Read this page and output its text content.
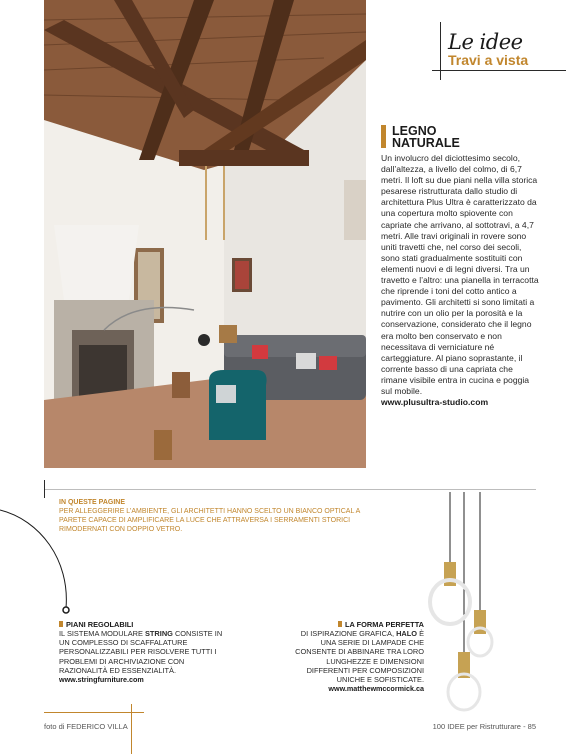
Le idee
Travi a vista
LEGNO
NATURALE

Un involucro del diciottesimo secolo, dall’altezza, a livello del colmo, di 6,7 metri. Il loft su due piani nella villa storica pesarese ristrutturata dallo studio di architettura Plus Ultra è caratterizzato da una copertura molto spiovente con capriate che arrivano, al sottotravi, a 4,7 metri. Alle travi originali in rovere sono uniti travetti che, nel corso dei secoli, sono stati gradualmente sostituiti con elementi nuovi e di legni diversi. Tra un travetto e l’altro: una pianella in terracotta che riprende i toni del cotto antico a pavimento. Gli architetti si sono limitati a nutrire con un olio per la porosità e la conservazione, considerato che il legno era molto ben conservato e non necessitava di verniciature né carteggiature. Al piano soprastante, il corrente basso di una capriata che rimane visibile entra in cucina e poggia sul mobile.

www.plusultra-studio.com
IN QUESTE PAGINE
PER ALLEGGERIRE L’AMBIENTE, GLI ARCHITETTI HANNO SCELTO UN BIANCO OPTICAL A PARETE CAPACE DI AMPLIFICARE LA LUCE CHE ATTRAVERSA I SERRAMENTI STORICI RIMODERNATI CON DOPPIO VETRO.
PIANI REGOLABILI
IL SISTEMA MODULARE STRING CONSISTE IN UN COMPLESSO DI SCAFFALATURE PERSONALIZZABILI PER RISOLVERE TUTTI I PROBLEMI DI ARCHIVIAZIONE CON RAZIONALITÀ ED ESSENZIALITÀ.
www.stringfurniture.com
LA FORMA PERFETTA
DI ISPIRAZIONE GRAFICA, HALO È UNA SERIE DI LAMPADE CHE CONSENTE DI ABBINARE TRA LORO LUNGHEZZE E DIMENSIONI DIFFERENTI PER COMPOSIZIONI UNICHE E SOFISTICATE.
www.matthewmccormick.ca
foto di FEDERICO VILLA	100 IDEE per Ristrutturare - 85
